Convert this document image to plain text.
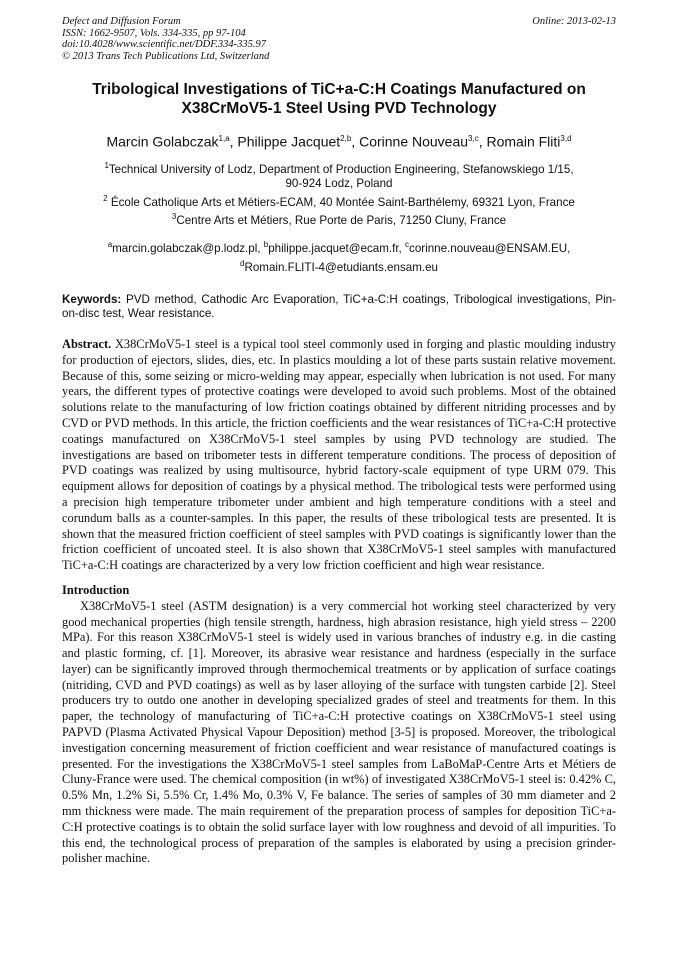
Defect and Diffusion Forum
ISSN: 1662-9507, Vols. 334-335, pp 97-104
doi:10.4028/www.scientific.net/DDF.334-335.97
© 2013 Trans Tech Publications Ltd, Switzerland
Online: 2013-02-13
Tribological Investigations of TiC+a-C:H Coatings Manufactured on
X38CrMoV5-1 Steel Using PVD Technology
Marcin Golabczak$^{1,a}$, Philippe Jacquet$^{2,b}$, Corinne Nouveau$^{3,c}$, Romain Fliti$^{3,d}$
$^1$Technical University of Lodz, Department of Production Engineering, Stefanowskiego 1/15,
90-924 Lodz, Poland
$^2$ École Catholique Arts et Métiers-ECAM, 40 Montée Saint-Barthélemy, 69321 Lyon, France
$^3$Centre Arts et Métiers, Rue Porte de Paris, 71250 Cluny, France
$^a$marcin.golabczak@p.lodz.pl, $^b$philippe.jacquet@ecam.fr, $^c$corinne.nouveau@ENSAM.EU,
$^d$Romain.FLITI-4@etudiants.ensam.eu
Keywords: PVD method, Cathodic Arc Evaporation, TiC+a-C:H coatings, Tribological investigations, Pin-on-disc test, Wear resistance.
Abstract. X38CrMoV5-1 steel is a typical tool steel commonly used in forging and plastic moulding industry for production of ejectors, slides, dies, etc. In plastics moulding a lot of these parts sustain relative movement. Because of this, some seizing or micro-welding may appear, especially when lubrication is not used. For many years, the different types of protective coatings were developed to avoid such problems. Most of the obtained solutions relate to the manufacturing of low friction coatings obtained by different nitriding processes and by CVD or PVD methods. In this article, the friction coefficients and the wear resistances of TiC+a-C:H protective coatings manufactured on X38CrMoV5-1 steel samples by using PVD technology are studied. The investigations are based on tribometer tests in different temperature conditions. The process of deposition of PVD coatings was realized by using multisource, hybrid factory-scale equipment of type URM 079. This equipment allows for deposition of coatings by a physical method. The tribological tests were performed using a precision high temperature tribometer under ambient and high temperature conditions with a steel and corundum balls as a counter-samples. In this paper, the results of these tribological tests are presented. It is shown that the measured friction coefficient of steel samples with PVD coatings is significantly lower than the friction coefficient of uncoated steel. It is also shown that X38CrMoV5-1 steel samples with manufactured TiC+a-C:H coatings are characterized by a very low friction coefficient and high wear resistance.
Introduction
X38CrMoV5-1 steel (ASTM designation) is a very commercial hot working steel characterized by very good mechanical properties (high tensile strength, hardness, high abrasion resistance, high yield stress – 2200 MPa). For this reason X38CrMoV5-1 steel is widely used in various branches of industry e.g. in die casting and plastic forming, cf. [1]. Moreover, its abrasive wear resistance and hardness (especially in the surface layer) can be significantly improved through thermochemical treatments or by application of surface coatings (nitriding, CVD and PVD coatings) as well as by laser alloying of the surface with tungsten carbide [2]. Steel producers try to outdo one another in developing specialized grades of steel and treatments for them. In this paper, the technology of manufacturing of TiC+a-C:H protective coatings on X38CrMoV5-1 steel using PAPVD (Plasma Activated Physical Vapour Deposition) method [3-5] is proposed. Moreover, the tribological investigation concerning measurement of friction coefficient and wear resistance of manufactured coatings is presented. For the investigations the X38CrMoV5-1 steel samples from LaBoMaP-Centre Arts et Métiers de Cluny-France were used. The chemical composition (in wt%) of investigated X38CrMoV5-1 steel is: 0.42% C, 0.5% Mn, 1.2% Si, 5.5% Cr, 1.4% Mo, 0.3% V, Fe balance. The series of samples of 30 mm diameter and 2 mm thickness were made. The main requirement of the preparation process of samples for deposition TiC+a-C:H protective coatings is to obtain the solid surface layer with low roughness and devoid of all impurities. To this end, the technological process of preparation of the samples is elaborated by using a precision grinder-polisher machine.
